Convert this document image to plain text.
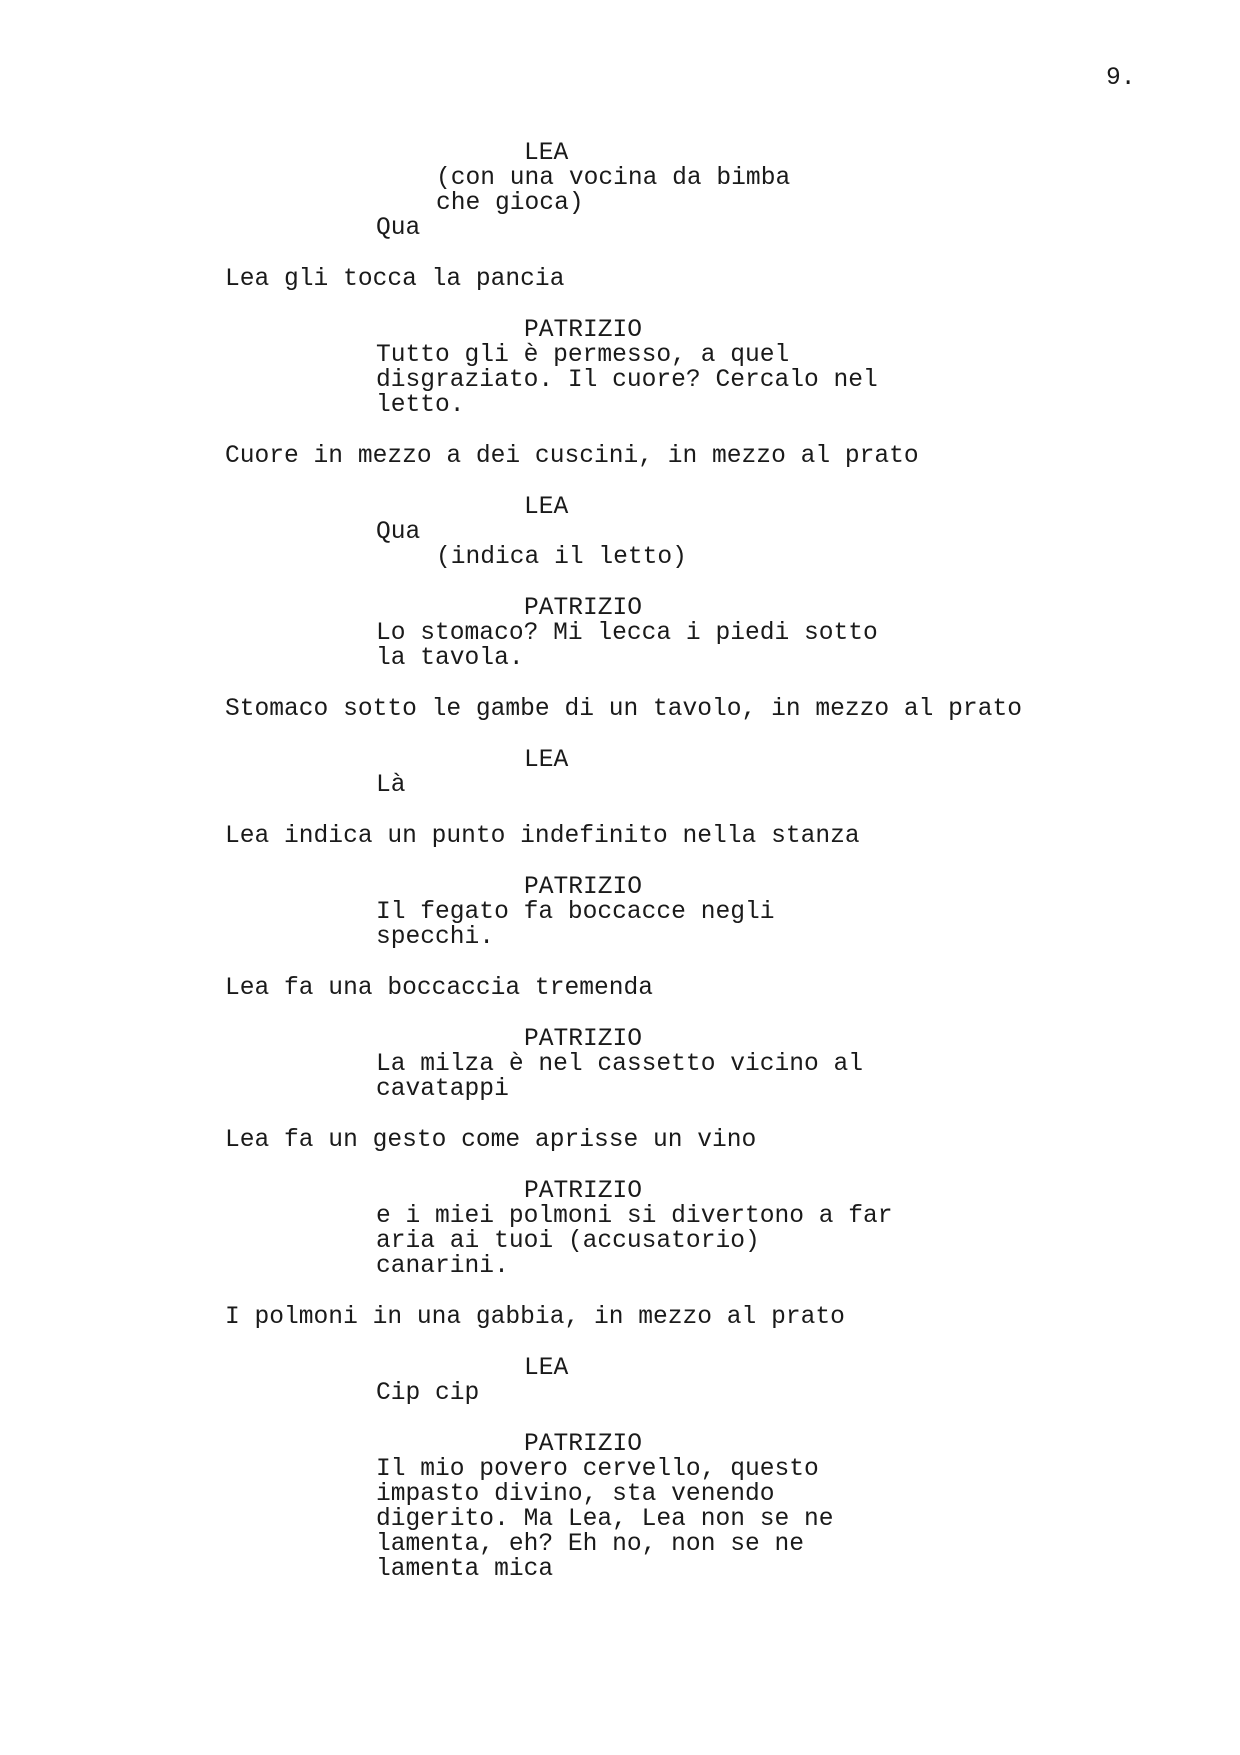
9.
LEA
(con una vocina da bimba
che gioca)
Qua
Lea gli tocca la pancia
PATRIZIO
Tutto gli è permesso, a quel
disgraziato. Il cuore? Cercalo nel
letto.
Cuore in mezzo a dei cuscini, in mezzo al prato
LEA
Qua
(indica il letto)
PATRIZIO
Lo stomaco? Mi lecca i piedi sotto
la tavola.
Stomaco sotto le gambe di un tavolo, in mezzo al prato
LEA
Là
Lea indica un punto indefinito nella stanza
PATRIZIO
Il fegato fa boccacce negli
specchi.
Lea fa una boccaccia tremenda
PATRIZIO
La milza è nel cassetto vicino al
cavatappi
Lea fa un gesto come aprisse un vino
PATRIZIO
e i miei polmoni si divertono a far
aria ai tuoi (accusatorio)
canarini.
I polmoni in una gabbia, in mezzo al prato
LEA
Cip cip
PATRIZIO
Il mio povero cervello, questo
impasto divino, sta venendo
digerito. Ma Lea, Lea non se ne
lamenta, eh? Eh no, non se ne
lamenta mica
